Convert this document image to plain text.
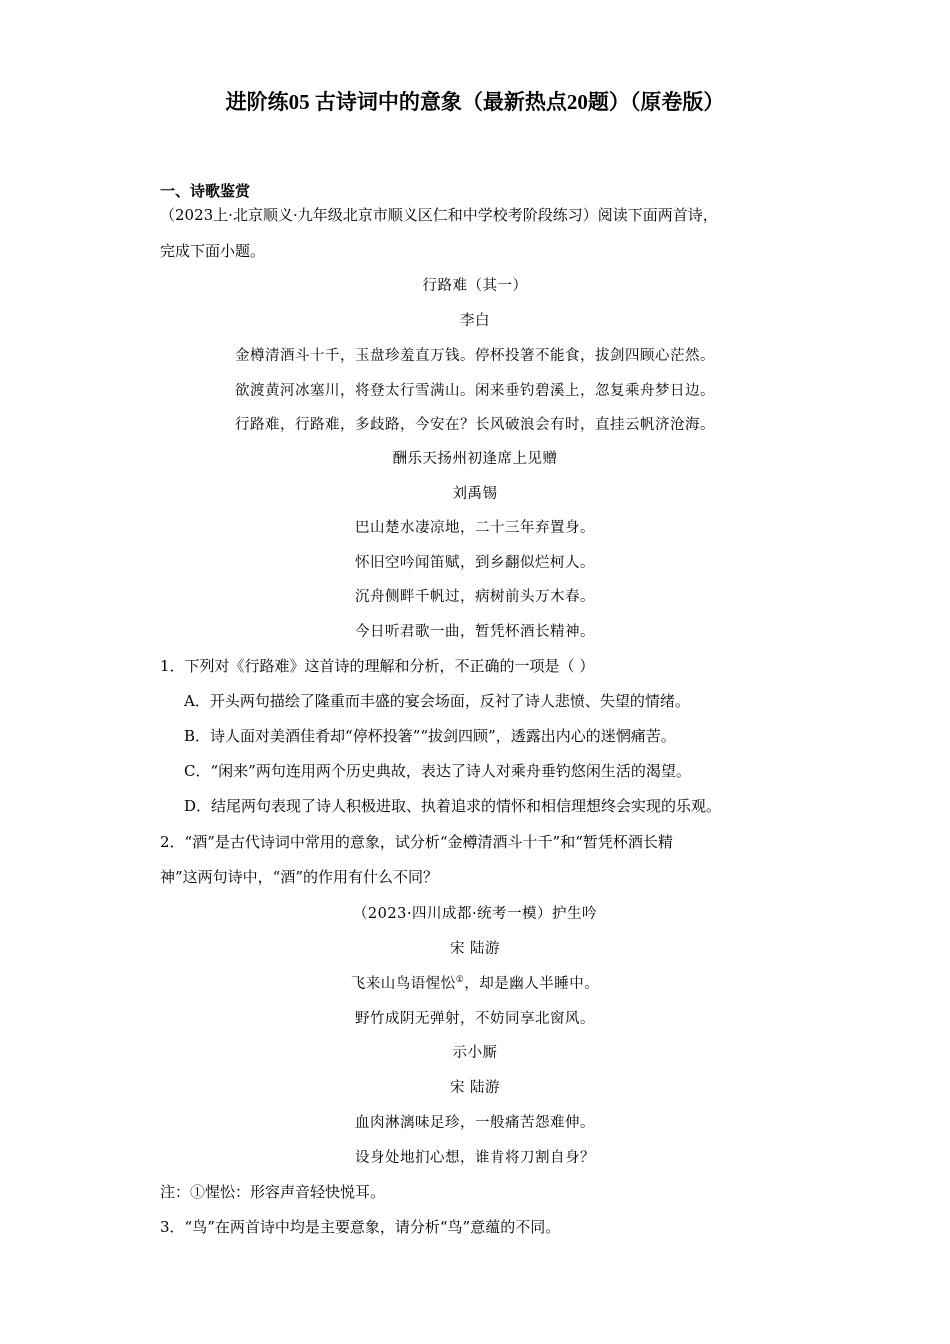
进阶练05 古诗词中的意象（最新热点20题）（原卷版）
一、诗歌鉴赏
（2023上·北京顺义·九年级北京市顺义区仁和中学校考阶段练习）阅读下面两首诗，
完成下面小题。
行路难（其一）
李白
金樽清酒斗十千，玉盘珍羞直万钱。停杯投箸不能食，拔剑四顾心茫然。
欲渡黄河冰塞川，将登太行雪满山。闲来垂钓碧溪上，忽复乘舟梦日边。
行路难，行路难，多歧路，今安在？长风破浪会有时，直挂云帆济沧海。
酬乐天扬州初逢席上见赠
刘禹锡
巴山楚水凄凉地，二十三年弃置身。
怀旧空吟闻笛赋，到乡翻似烂柯人。
沉舟侧畔千帆过，病树前头万木春。
今日听君歌一曲，暂凭杯酒长精神。
1．下列对《行路难》这首诗的理解和分析，不正确的一项是（ ）
A．开头两句描绘了隆重而丰盛的宴会场面，反衬了诗人悲愤、失望的情绪。
B．诗人面对美酒佳肴却“停杯投箸”“拔剑四顾”，透露出内心的迷惘痛苦。
C．“闲来”两句连用两个历史典故，表达了诗人对乘舟垂钓悠闲生活的渴望。
D．结尾两句表现了诗人积极进取、执着追求的情怀和相信理想终会实现的乐观。
2．“酒”是古代诗词中常用的意象，试分析“金樽清酒斗十千”和“暂凭杯酒长精
神”这两句诗中，“酒”的作用有什么不同？
（2023·四川成都·统考一模）护生吟
宋 陆游
飞来山鸟语惺忪①，却是幽人半睡中。
野竹成阴无弹射，不妨同享北窗风。
示小厮
宋 陆游
血肉淋漓味足珍，一般痛苦怨难伸。
设身处地扪心想，谁肯将刀割自身？
注：①惺忪：形容声音轻快悦耳。
3．“鸟”在两首诗中均是主要意象，请分析“鸟”意蕴的不同。
